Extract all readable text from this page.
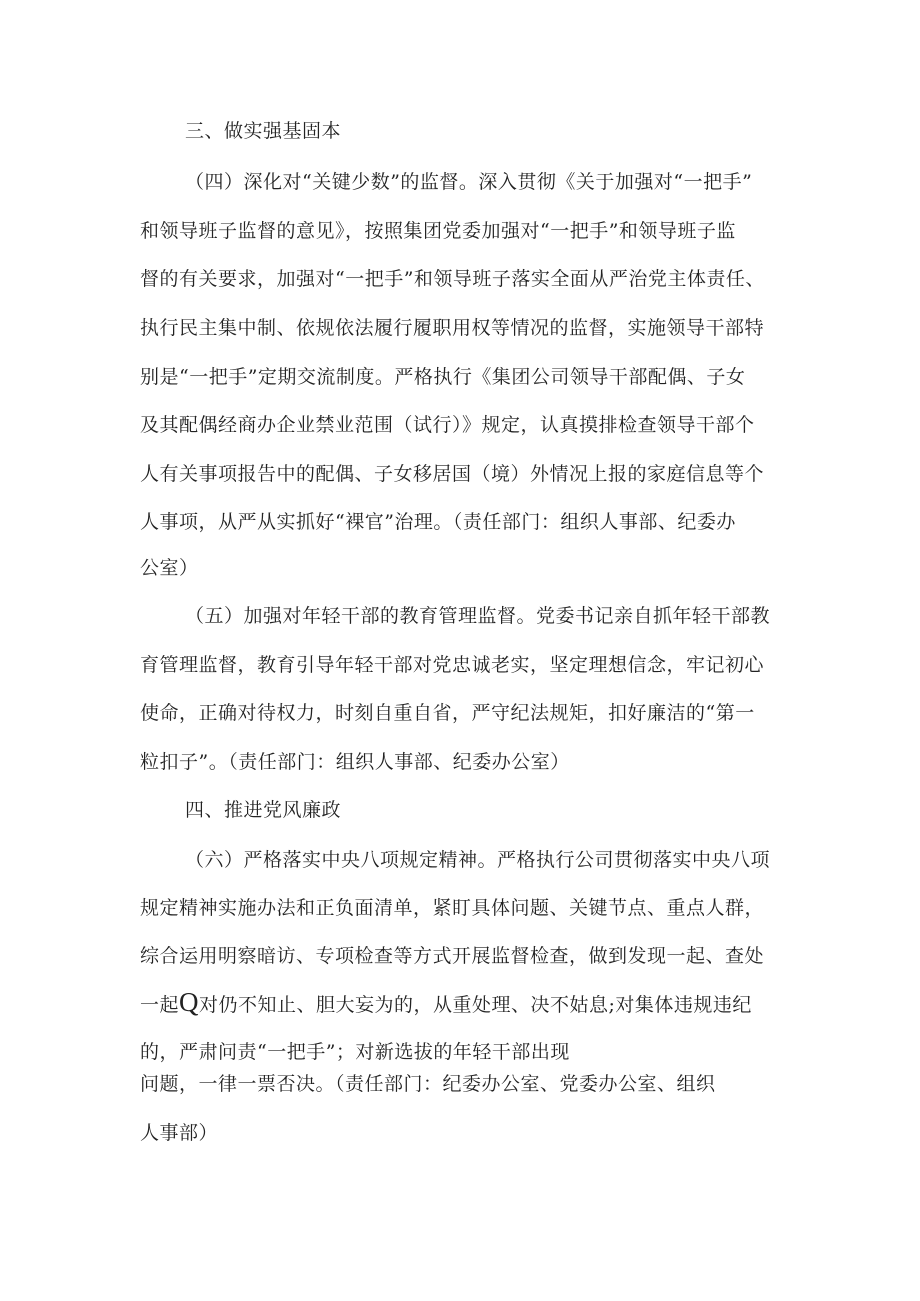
三、做实强基固本
（四）深化对“关键少数”的监督。深入贯彻《关于加强对“一把手”
和领导班子监督的意见》，按照集团党委加强对“一把手”和领导班子监
督的有关要求，加强对“一把手”和领导班子落实全面从严治党主体责任、
执行民主集中制、依规依法履行履职用权等情况的监督，实施领导干部特
别是“一把手”定期交流制度。严格执行《集团公司领导干部配偶、子女
及其配偶经商办企业禁业范围（试行）》规定，认真摸排检查领导干部个
人有关事项报告中的配偶、子女移居国（境）外情况上报的家庭信息等个
人事项，从严从实抓好“裸官”治理。（责任部门：组织人事部、纪委办
公室）
（五）加强对年轻干部的教育管理监督。党委书记亲自抓年轻干部教
育管理监督，教育引导年轻干部对党忠诚老实，坚定理想信念，牢记初心
使命，正确对待权力，时刻自重自省，严守纪法规矩，扣好廉洁的“第一
粒扣子”。（责任部门：组织人事部、纪委办公室）
四、推进党风廉政
（六）严格落实中央八项规定精神。严格执行公司贯彻落实中央八项
规定精神实施办法和正负面清单，紧盯具体问题、关键节点、重点人群，
综合运用明察暗访、专项检查等方式开展监督检查，做到发现一起、查处
一起Q对仍不知止、胆大妄为的，从重处理、决不姑息;对集体违规违纪
的，严肃问责“一把手”；对新选拔的年轻干部出现
问题，一律一票否决。（责任部门：纪委办公室、党委办公室、组织
人事部）
